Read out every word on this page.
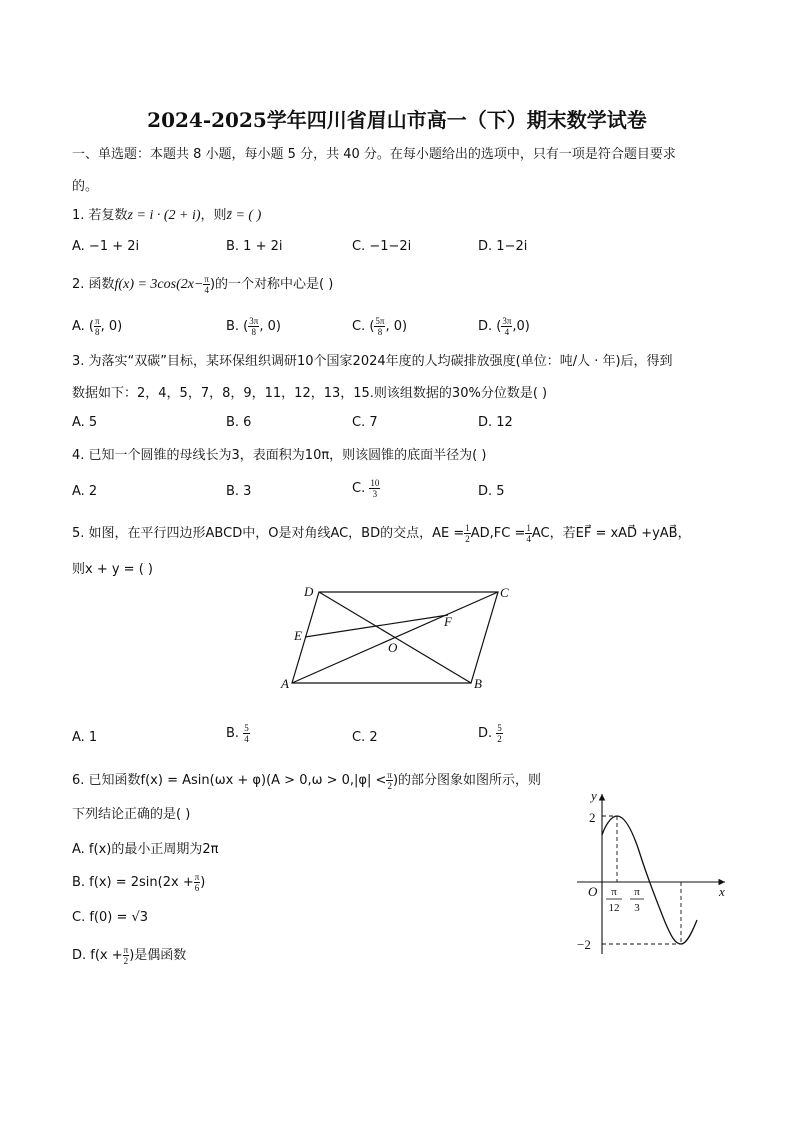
2024-2025学年四川省眉山市高一（下）期末数学试卷
一、单选题：本题共 8 小题，每小题 5 分，共 40 分。在每小题给出的选项中，只有一项是符合题目要求
的。
1. 若复数z = i · (2 + i)，则z̄ = ( )
A. −1 + 2i	B. 1 + 2i	C. −1−2i	D. 1−2i
2. 函数$f(x) = 3\cos(2x- \frac{\pi}{4}$ )的一个对称中心是( )
A. ( $\frac{\pi}{8}$ , 0)	B. ( $\frac{3\pi}{8}$ , 0)	C. ( $\frac{5\pi}{8}$ , 0)	D. ( $\frac{3\pi}{4} ,0$)
3. 为落实“双碳”目标，某环保组织调研10个国家2024年度的人均碳排放强度(单位：吨/人 · 年)后，得到
数据如下：2，4，5，7，8，9，11，12，13，15.则该组数据的30%分位数是( )
A. 5	B. 6	C. 7	D. 12
4. 已知一个圆锥的母线长为3，表面积为10π，则该圆锥的底面半径为( )
A. 2	B. 3	C. $\frac{10}{3}$	D. 5
5. 如图，在平行四边形ABCD中，O是对角线AC，BD的交点，AE = $\frac{1}{2} AD,FC = \frac{1}{4}$ AC，若EF⃗ = xAD⃗ +yAB⃗，
则x + y = ( )
D	C
E
F
O
A	B
A. 1	B. $\frac{5}{4}$	C. 2	D. $\frac{5}{2}$
6. 已知函数$f(x) = Asin(\omega x + \varphi)(A > 0,\omega > 0,|\varphi| < \frac{\pi}{2}$ )的部分图象如图所示，则
下列结论正确的是( )
A. f(x)的最小正周期为2π
B. $f(x) = 2\sin(2x + \frac{\pi}{6}$ )
C. f(0) = √3
D. $f(x + \frac{\pi}{2}$ )是偶函数
y
x
O
2
−2
π
12
π
3
